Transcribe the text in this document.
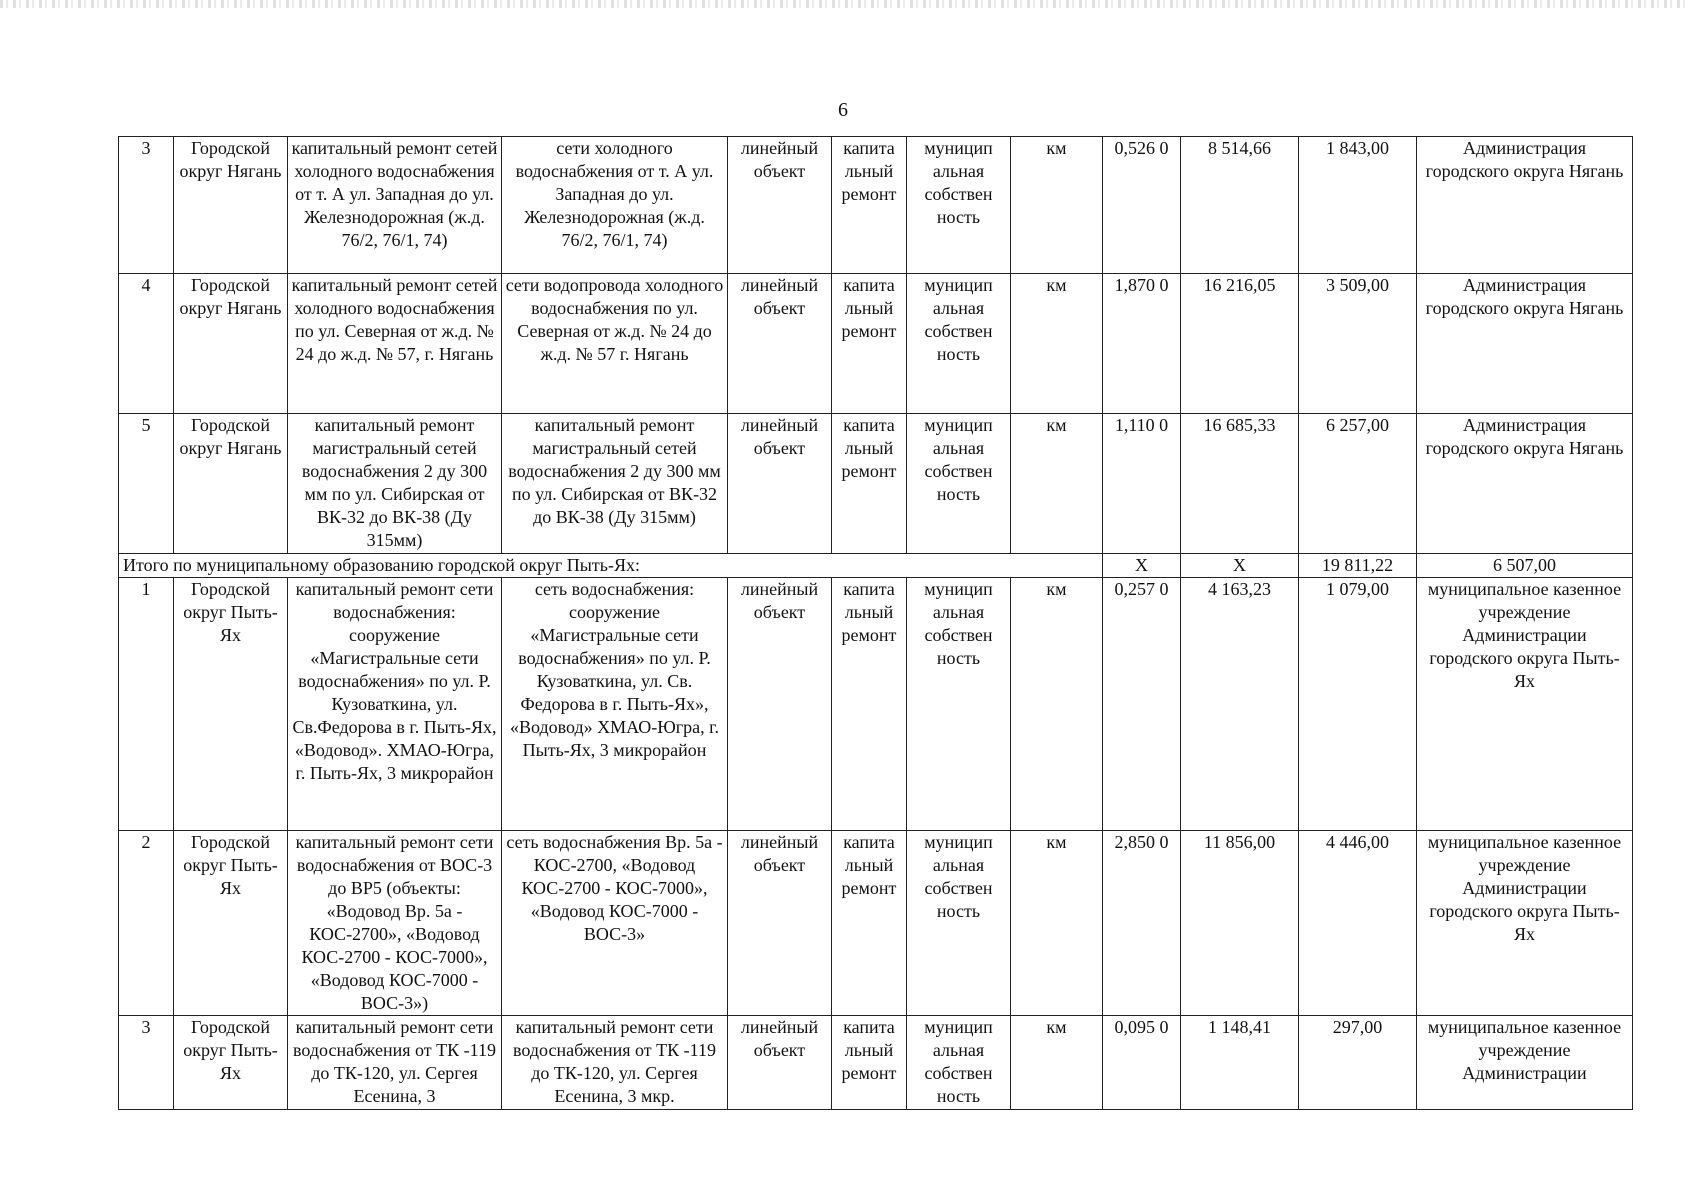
6
3	Городской округ Нягань	капитальный ремонт сетей холодного водоснабжения от т. А ул. Западная до ул. Железнодорожная (ж.д. 76/2, 76/1, 74)	сети холодного водоснабжения от т. А ул. Западная до ул. Железнодорожная (ж.д. 76/2, 76/1, 74)	линейный объект	капита льный ремонт	муницип альная собствен ность	км	0,526 0	8 514,66	1 843,00	Администрация городского округа Нягань	
4	Городской округ Нягань	капитальный ремонт сетей холодного водоснабжения по ул. Северная от ж.д. № 24 до ж.д. № 57, г. Нягань	сети водопровода холодного водоснабжения по ул. Северная от ж.д. № 24 до ж.д. № 57 г. Нягань	линейный объект	капита льный ремонт	муницип альная собствен ность	км	1,870 0	16 216,05	3 509,00	Администрация городского округа Нягань	
5	Городской округ Нягань	капитальный ремонт магистральный сетей водоснабжения 2 ду 300 мм по ул. Сибирская от ВК-32 до ВК-38 (Ду 315мм)	капитальный ремонт магистральный сетей водоснабжения 2 ду 300 мм по ул. Сибирская от ВК-32 до ВК-38 (Ду 315мм)	линейный объект	капита льный ремонт	муницип альная собствен ность	км	1,110 0	16 685,33	6 257,00	Администрация городского округа Нягань	
Итого по муниципальному образованию городской округ Пыть-Ях:								X	X	19 811,22	6 507,00	
1	Городской округ Пыть-Ях	капитальный ремонт сети водоснабжения: сооружение «Магистральные сети водоснабжения» по ул. Р. Кузоваткина, ул. Св.Федорова в г. Пыть-Ях, «Водовод». ХМАО-Югра, г. Пыть-Ях, 3 микрорайон	сеть водоснабжения: сооружение «Магистральные сети водоснабжения» по ул. Р. Кузоваткина, ул. Св. Федорова в г. Пыть-Ях», «Водовод» ХМАО-Югра, г. Пыть-Ях, 3 микрорайон	линейный объект	капита льный ремонт	муницип альная собствен ность	км	0,257 0	4 163,23	1 079,00	муниципальное казенное учреждение Администрации городского округа Пыть-Ях	
2	Городской округ Пыть-Ях	капитальный ремонт сети водоснабжения от ВОС-3 до ВР5 (объекты: «Водовод Вр. 5а - КОС-2700», «Водовод КОС-2700 - КОС-7000», «Водовод КОС-7000 - ВОС-3»)	сеть водоснабжения Вр. 5а - КОС-2700, «Водовод КОС-2700 - КОС-7000», «Водовод КОС-7000 - ВОС-3»	линейный объект	капита льный ремонт	муницип альная собствен ность	км	2,850 0	11 856,00	4 446,00	муниципальное казенное учреждение Администрации городского округа Пыть-Ях	
3	Городской округ Пыть-Ях	капитальный ремонт сети водоснабжения от ТК -119 до ТК-120, ул. Сергея Есенина, 3	капитальный ремонт сети водоснабжения от ТК -119 до ТК-120, ул. Сергея Есенина, 3 мкр.	линейный объект	капита льный ремонт	муницип альная собствен ность	км	0,095 0	1 148,41	297,00	муниципальное казенное учреждение Администрации	
